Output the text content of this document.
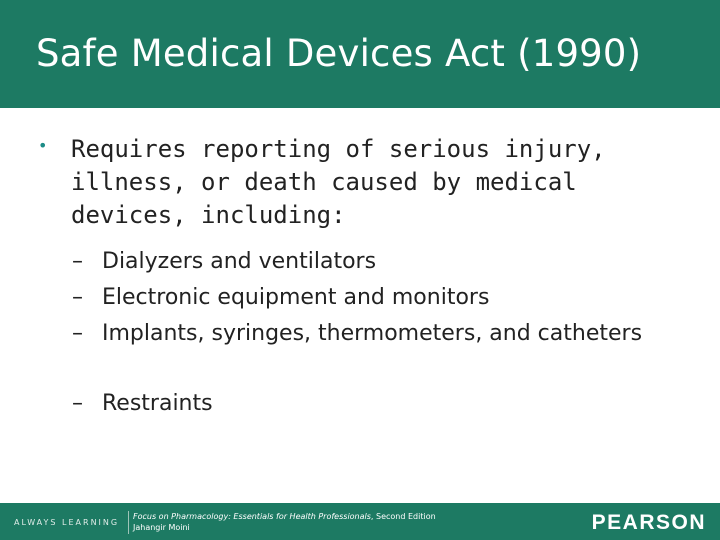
Safe Medical Devices Act (1990)
• Requires reporting of serious injury, illness, or death caused by medical devices, including:

– Dialyzers and ventilators
– Electronic equipment and monitors
– Implants, syringes, thermometers, and catheters
– Restraints
ALWAYS LEARNING
Focus on Pharmacology: Essentials for Health Professionals, Second Edition
Jahangir Moini	PEARSON
